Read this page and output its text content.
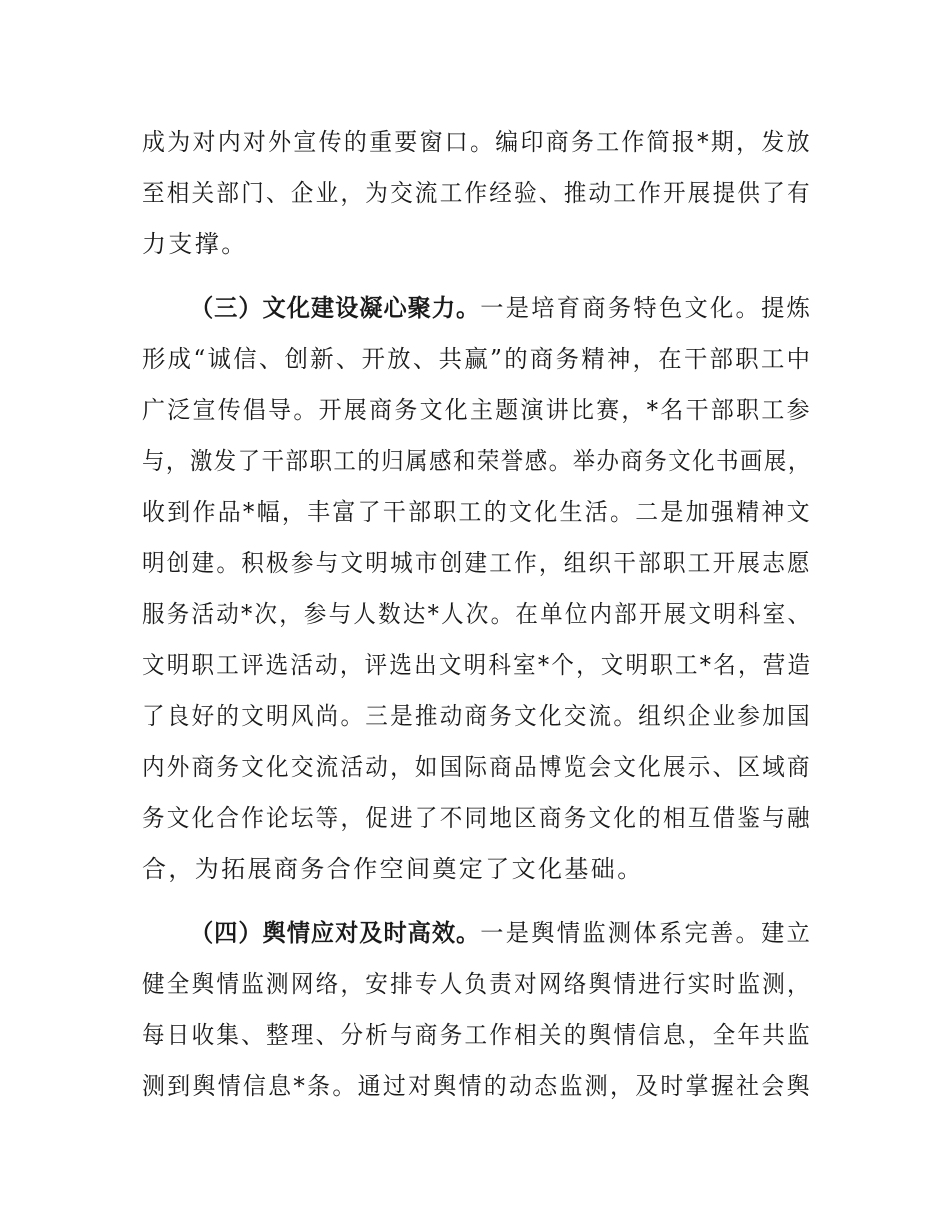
成为对内对外宣传的重要窗口。编印商务工作简报*期，发放
至相关部门、企业，为交流工作经验、推动工作开展提供了有
力支撑。
（三）文化建设凝心聚力。一是培育商务特色文化。提炼
形成“诚信、创新、开放、共赢”的商务精神，在干部职工中
广泛宣传倡导。开展商务文化主题演讲比赛，*名干部职工参
与，激发了干部职工的归属感和荣誉感。举办商务文化书画展，
收到作品*幅，丰富了干部职工的文化生活。二是加强精神文
明创建。积极参与文明城市创建工作，组织干部职工开展志愿
服务活动*次，参与人数达*人次。在单位内部开展文明科室、
文明职工评选活动，评选出文明科室*个，文明职工*名，营造
了良好的文明风尚。三是推动商务文化交流。组织企业参加国
内外商务文化交流活动，如国际商品博览会文化展示、区域商
务文化合作论坛等，促进了不同地区商务文化的相互借鉴与融
合，为拓展商务合作空间奠定了文化基础。
（四）舆情应对及时高效。一是舆情监测体系完善。建立
健全舆情监测网络，安排专人负责对网络舆情进行实时监测，
每日收集、整理、分析与商务工作相关的舆情信息，全年共监
测到舆情信息*条。通过对舆情的动态监测，及时掌握社会舆
